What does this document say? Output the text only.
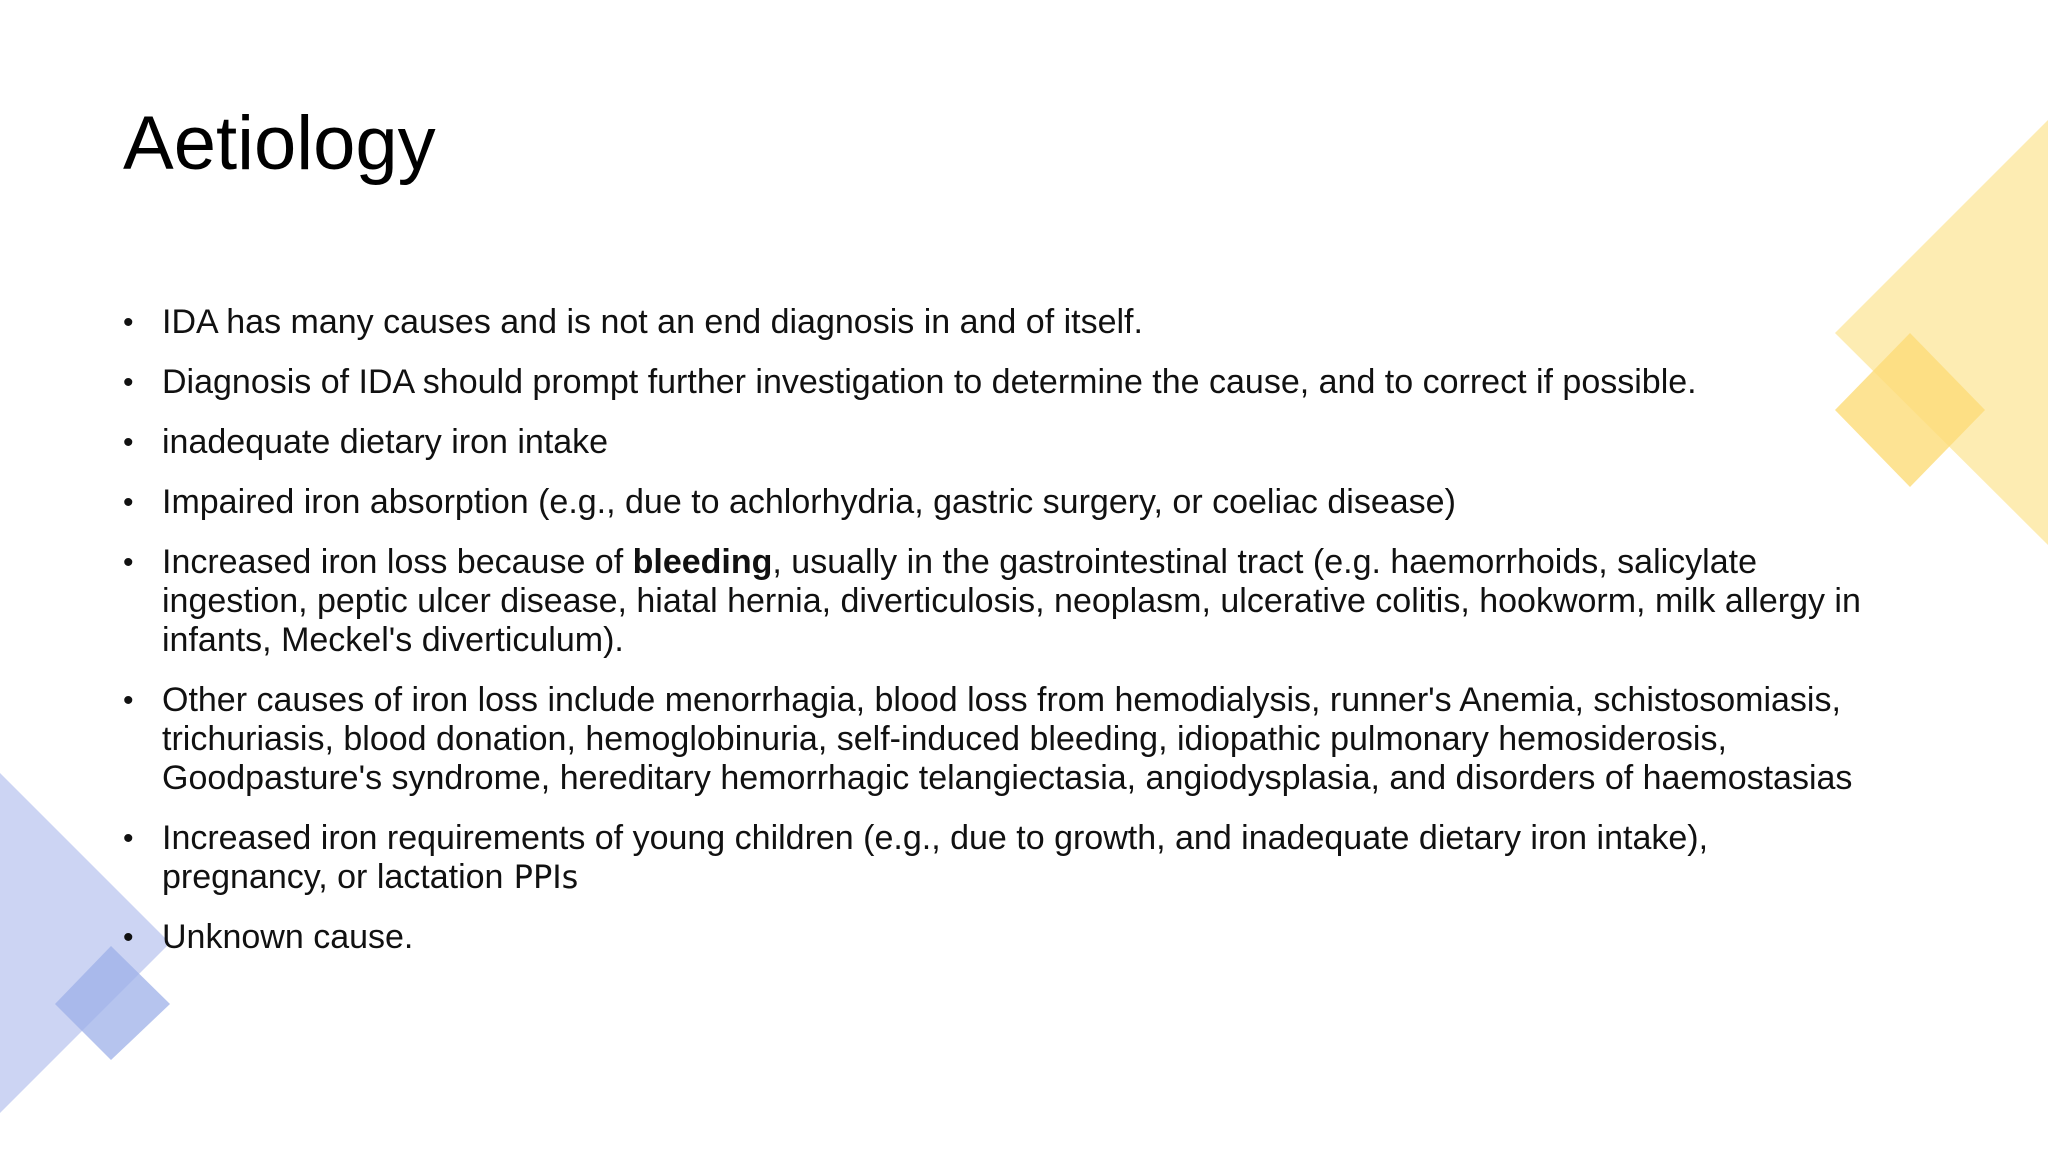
Aetiology
• IDA has many causes and is not an end diagnosis in and of itself.
• Diagnosis of IDA should prompt further investigation to determine the cause, and to correct if possible.
• inadequate dietary iron intake
• Impaired iron absorption (e.g., due to achlorhydria, gastric surgery, or coeliac disease)
• Increased iron loss because of bleeding, usually in the gastrointestinal tract (e.g. haemorrhoids, salicylate ingestion, peptic ulcer disease, hiatal hernia, diverticulosis, neoplasm, ulcerative colitis, hookworm, milk allergy in infants, Meckel's diverticulum).
• Other causes of iron loss include menorrhagia, blood loss from hemodialysis, runner's Anemia, schistosomiasis, trichuriasis, blood donation, hemoglobinuria, self-induced bleeding, idiopathic pulmonary hemosiderosis, Goodpasture's syndrome, hereditary hemorrhagic telangiectasia, angiodysplasia, and disorders of haemostasias
• Increased iron requirements of young children (e.g., due to growth, and inadequate dietary iron intake), pregnancy, or lactation PPIs
• Unknown cause.
